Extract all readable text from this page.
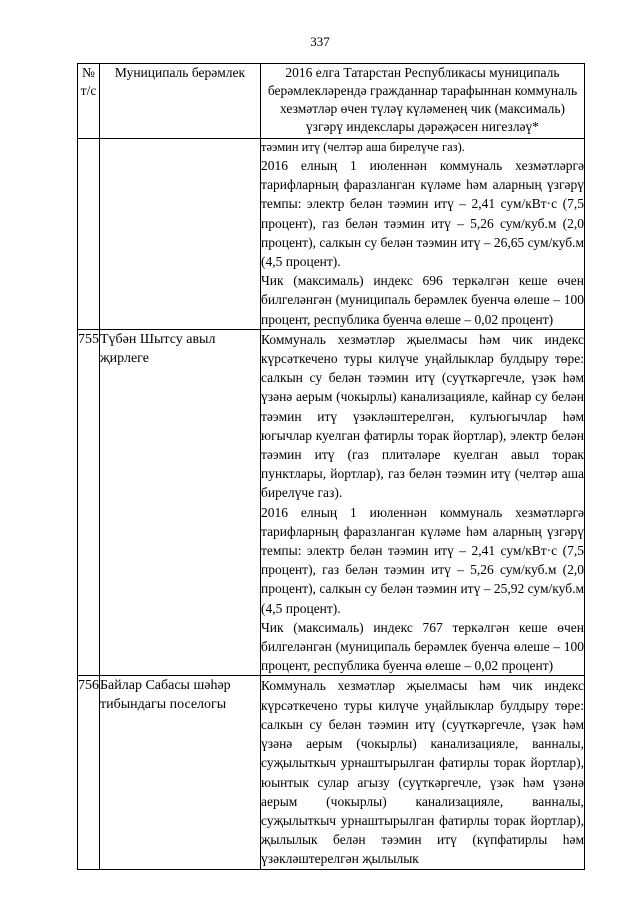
337
№ т/с	Муниципаль берәмлек	2016 елга Татарстан Республикасы муниципаль берәмлекләрендә гражданнар тарафыннан коммуналь хезмәтләр өчен түләү күләменең чик (максималь) үзгәрү индекслары дәрәҗәсен нигезләү*

		тәэмин итү (челтәр аша бирелүче газ).

2016 елның 1 июленнән коммуналь хезмәтләргә тарифларның фаразланган күләме һәм аларның үзгәрү темпы: электр белән тәэмин итү – 2,41 сум/кВт·с (7,5 процент), газ белән тәэмин итү – 5,26 сум/куб.м (2,0 процент), салкын су белән тәэмин итү – 26,65 сум/куб.м (4,5 процент).

Чик (максималь) индекс 696 теркәлгән кеше өчен билгеләнгән (муниципаль берәмлек буенча өлеше – 100 процент, республика буенча өлеше – 0,02 процент)

755	Түбән Шытсу авыл җирлеге	Коммуналь хезмәтләр җыелмасы һәм чик индекс күрсәткечено туры килүче уңайлыклар булдыру төре: салкын су белән тәэмин итү (суүткәргечле, үзәк һәм үзәнә аерым (чокырлы) канализацияле, кайнар су белән тәэмин итү үзәкләштерелгән, кулъюгычлар һәм югычлар куелган фатирлы торак йортлар), электр белән тәэмин итү (газ плитәләре куелган авыл торак пунктлары, йортлар), газ белән тәэмин итү (челтәр аша бирелүче газ).

2016 елның 1 июленнән коммуналь хезмәтләргә тарифларның фаразланган күләме һәм аларның үзгәрү темпы: электр белән тәэмин итү – 2,41 сум/кВт·с (7,5 процент), газ белән тәэмин итү – 5,26 сум/куб.м (2,0 процент), салкын су белән тәэмин итү – 25,92 сум/куб.м (4,5 процент).

Чик (максималь) индекс 767 теркәлгән кеше өчен билгеләнгән (муниципаль берәмлек буенча өлеше – 100 процент, республика буенча өлеше – 0,02 процент)

756	Байлар Сабасы шәһәр тибындагы поселогы	Коммуналь хезмәтләр җыелмасы һәм чик индекс күрсәткечено туры килүче уңайлыклар булдыру төре: салкын су белән тәэмин итү (суүткәргечле, үзәк һәм үзәнә аерым (чокырлы) канализацияле, ванналы, суҗылыткыч урнаштырылган фатирлы торак йортлар), юынтык сулар агызу (суүткәргечле, үзәк һәм үзәнә аерым (чокырлы) канализацияле, ванналы, суҗылыткыч урнаштырылган фатирлы торак йортлар), җылылык белән тәэмин итү (күпфатирлы һәм үзәкләштерелгән җылылык
